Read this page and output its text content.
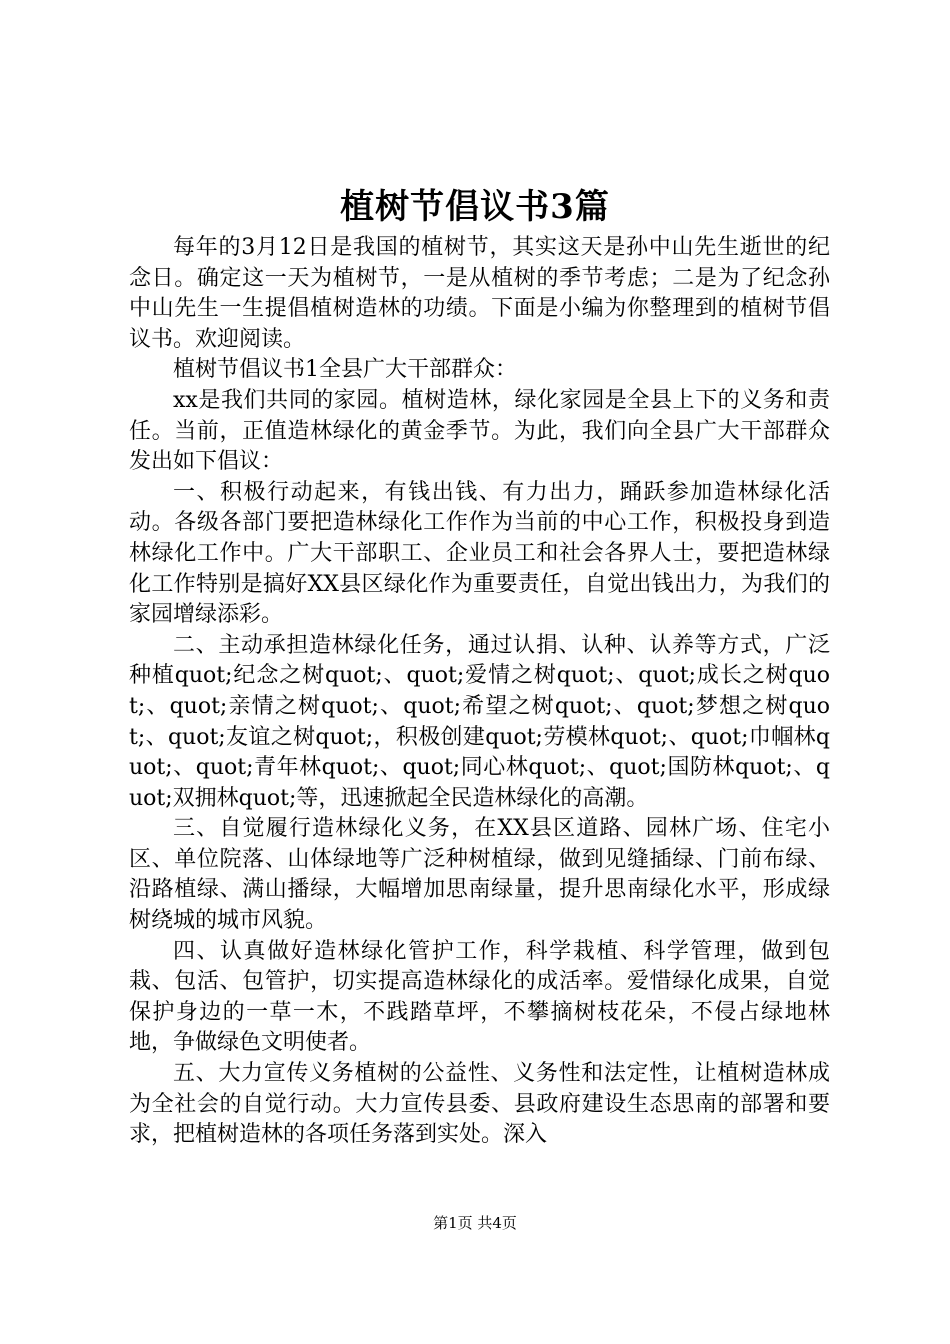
植树节倡议书3篇

每年的3月12日是我国的植树节，其实这天是孙中山先生逝世的纪念日。确定这一天为植树节，一是从植树的季节考虑；二是为了纪念孙中山先生一生提倡植树造林的功绩。下面是小编为你整理到的植树节倡议书。欢迎阅读。

植树节倡议书1全县广大干部群众：

xx是我们共同的家园。植树造林，绿化家园是全县上下的义务和责任。当前，正值造林绿化的黄金季节。为此，我们向全县广大干部群众发出如下倡议：

一、积极行动起来，有钱出钱、有力出力，踊跃参加造林绿化活动。各级各部门要把造林绿化工作作为当前的中心工作，积极投身到造林绿化工作中。广大干部职工、企业员工和社会各界人士，要把造林绿化工作特别是搞好XX县区绿化作为重要责任，自觉出钱出力，为我们的家园增绿添彩。

二、主动承担造林绿化任务，通过认捐、认种、认养等方式，广泛种植quot;纪念之树quot;、quot;爱情之树quot;、quot;成长之树quot;、quot;亲情之树quot;、quot;希望之树quot;、quot;梦想之树quot;、quot;友谊之树quot;，积极创建quot;劳模林quot;、quot;巾帼林quot;、quot;青年林quot;、quot;同心林quot;、quot;国防林quot;、quot;双拥林quot;等，迅速掀起全民造林绿化的高潮。

三、自觉履行造林绿化义务，在XX县区道路、园林广场、住宅小区、单位院落、山体绿地等广泛种树植绿，做到见缝插绿、门前布绿、沿路植绿、满山播绿，大幅增加思南绿量，提升思南绿化水平，形成绿树绕城的城市风貌。

四、认真做好造林绿化管护工作，科学栽植、科学管理，做到包栽、包活、包管护，切实提高造林绿化的成活率。爱惜绿化成果，自觉保护身边的一草一木，不践踏草坪，不攀摘树枝花朵，不侵占绿地林地，争做绿色文明使者。

五、大力宣传义务植树的公益性、义务性和法定性，让植树造林成为全社会的自觉行动。大力宣传县委、县政府建设生态思南的部署和要求，把植树造林的各项任务落到实处。深入

第1页 共4页
